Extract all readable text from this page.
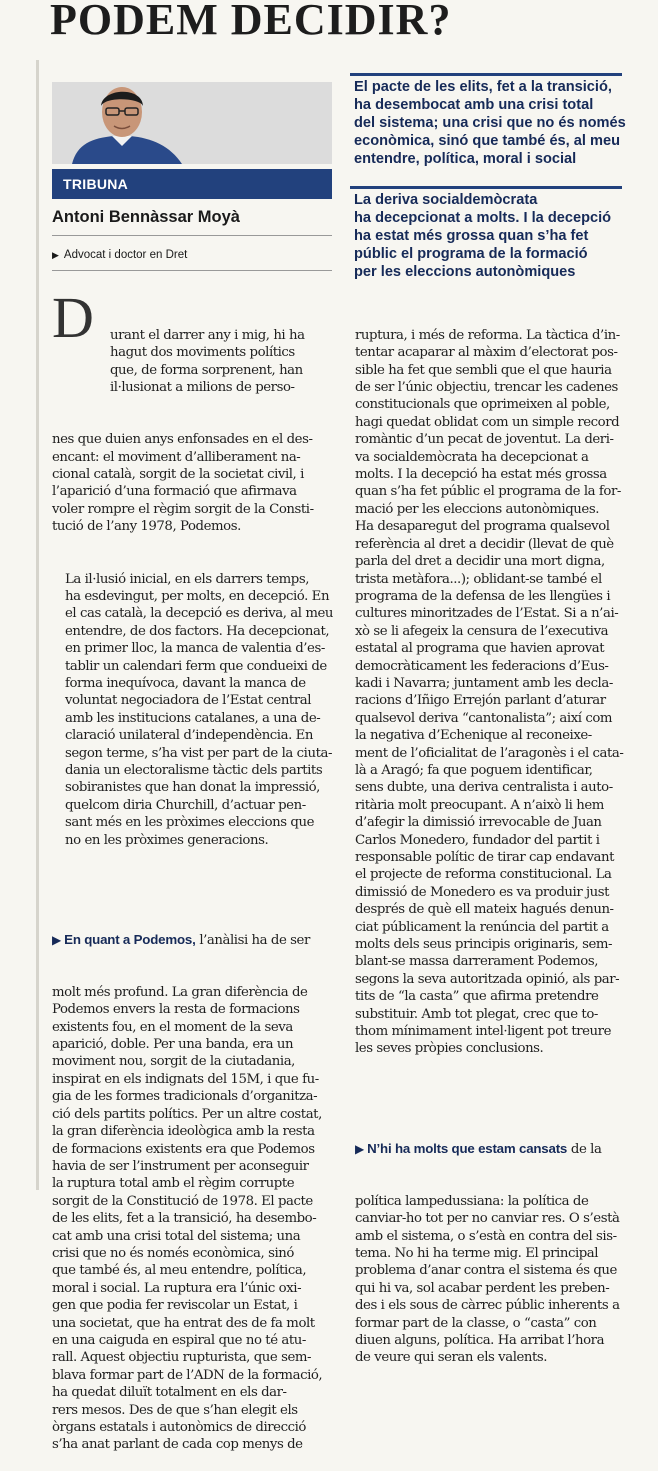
PODEM DECIDIR?
TRIBUNA
Antoni Bennàssar Moyà
▶ Advocat i doctor en Dret
El pacte de les elits, fet a la transició,
ha desembocat amb una crisi total
del sistema; una crisi que no és només
econòmica, sinó que també és, al meu
entendre, política, moral i social
La deriva socialdemòcrata
ha decepcionat a molts. I la decepció
ha estat més grossa quan s’ha fet
públic el programa de la formació
per les eleccions autonòmiques
D

	urant el darrer any i mig, hi ha
hagut dos moviments polítics
que, de forma sorprenent, han
il·lusionat a milions de perso-

nes que duien anys enfonsades en el des-
encant: el moviment d’alliberament na-
cional català, sorgit de la societat civil, i
l’aparició d’una formació que afirmava
voler rompre el règim sorgit de la Consti-
tució de l’any 1978, Podemos.

La il·lusió inicial, en els darrers temps,
ha esdevingut, per molts, en decepció. En
el cas català, la decepció es deriva, al meu
entendre, de dos factors. Ha decepcionat,
en primer lloc, la manca de valentia d’es-
tablir un calendari ferm que condueixi de
forma inequívoca, davant la manca de
voluntat negociadora de l’Estat central
amb les institucions catalanes, a una de-
claració unilateral d’independència. En
segon terme, s’ha vist per part de la ciuta-
dania un electoralisme tàctic dels partits
sobiranistes que han donat la impressió,
quelcom diria Churchill, d’actuar pen-
sant més en les pròximes eleccions que
no en les pròximes generacions.

▶ En quant a Podemos, l’anàlisi ha de ser

molt més profund. La gran diferència de
Podemos envers la resta de formacions
existents fou, en el moment de la seva
aparició, doble. Per una banda, era un
moviment nou, sorgit de la ciutadania,
inspirat en els indignats del 15M, i que fu-
gia de les formes tradicionals d’organitza-
ció dels partits polítics. Per un altre costat,
la gran diferència ideològica amb la resta
de formacions existents era que Podemos
havia de ser l’instrument per aconseguir
la ruptura total amb el règim corrupte
sorgit de la Constitució de 1978. El pacte
de les elits, fet a la transició, ha desembo-
cat amb una crisi total del sistema; una
crisi que no és només econòmica, sinó
que també és, al meu entendre, política,
moral i social. La ruptura era l’únic oxi-
gen que podia fer reviscolar un Estat, i
una societat, que ha entrat des de fa molt
en una caiguda en espiral que no té atu-
rall. Aquest objectiu rupturista, que sem-
blava formar part de l’ADN de la formació,
ha quedat diluït totalment en els dar-
rers mesos. Des de que s’han elegit els
òrgans estatals i autonòmics de direcció
s’ha anat parlant de cada cop menys de

ruptura, i més de reforma. La tàctica d’in-
tentar acaparar al màxim d’electorat pos-
sible ha fet que sembli que el que hauria
de ser l’únic objectiu, trencar les cadenes
constitucionals que oprimeixen al poble,
hagi quedat oblidat com un simple record
romàntic d’un pecat de joventut. La deri-
va socialdemòcrata ha decepcionat a
molts. I la decepció ha estat més grossa
quan s’ha fet públic el programa de la for-
mació per les eleccions autonòmiques.
Ha desaparegut del programa qualsevol
referència al dret a decidir (llevat de què
parla del dret a decidir una mort digna,
trista metàfora...); oblidant-se també el
programa de la defensa de les llengües i
cultures minoritzades de l’Estat. Si a n’ai-
xò se li afegeix la censura de l’executiva
estatal al programa que havien aprovat
democràticament les federacions d’Eus-
kadi i Navarra; juntament amb les decla-
racions d’Iñigo Errejón parlant d’aturar
qualsevol deriva “cantonalista”; així com
la negativa d’Echenique al reconeixe-
ment de l’oficialitat de l’aragonès i el cata-
là a Aragó; fa que poguem identificar,
sens dubte, una deriva centralista i auto-
ritària molt preocupant. A n’això li hem
d’afegir la dimissió irrevocable de Juan
Carlos Monedero, fundador del partit i
responsable polític de tirar cap endavant
el projecte de reforma constitucional. La
dimissió de Monedero es va produir just
després de què ell mateix hagués denun-
ciat públicament la renúncia del partit a
molts dels seus principis originaris, sem-
blant-se massa darrerament Podemos,
segons la seva autoritzada opinió, als par-
tits de “la casta” que afirma pretendre
substituir. Amb tot plegat, crec que to-
thom mínimament intel·ligent pot treure
les seves pròpies conclusions.

▶ N’hi ha molts que estam cansats de la

política lampedussiana: la política de
canviar-ho tot per no canviar res. O s’està
amb el sistema, o s’està en contra del sis-
tema. No hi ha terme mig. El principal
problema d’anar contra el sistema és que
qui hi va, sol acabar perdent les preben-
des i els sous de càrrec públic inherents a
formar part de la classe, o “casta” con
diuen alguns, política. Ha arribat l’hora
de veure qui seran els valents.
